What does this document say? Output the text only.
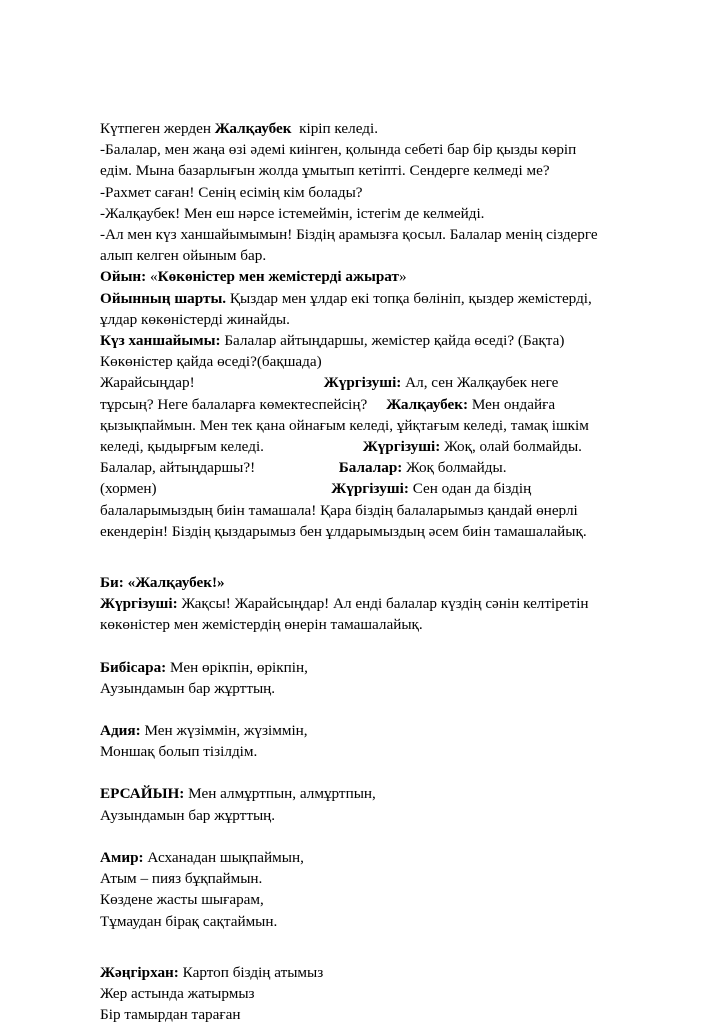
Күтпеген жерден Жалқаубек  кіріп келеді.
-Балалар, мен жаңа өзі әдемі киінген, қолында себеті бар бір қызды көріп
едім. Мына базарлығын жолда ұмытып кетіпті. Сендерге келмеді ме?
-Рахмет саған! Сенің есімің кім болады?
-Жалқаубек! Мен еш нәрсе істемеймін, істегім де келмейді.
-Ал мен күз ханшайымымын! Біздің арамызға қосыл. Балалар менің сіздерге
алып келген ойыным бар.
Ойын: «Көкөністер мен жемістерді ажырат»
Ойынның шарты. Қыздар мен ұлдар екі топқа бөлініп, қыздер жемістерді,
ұлдар көкөністерді жинайды.
Күз ханшайымы: Балалар айтыңдаршы, жемістер қайда өседі? (Бақта)
Көкөністер қайда өседі?(бақшада)
Жарайсыңдар!                                  Жүргізуші: Ал, сен Жалқаубек неге
тұрсың? Неге балаларға көмектеспейсің?     Жалқаубек: Мен ондайға
қызықпаймын. Мен тек қана ойнағым келеді, ұйқтағым келеді, тамақ ішкім
келеді, қыдырғым келеді.                          Жүргізуші: Жоқ, олай болмайды.
Балалар, айтыңдаршы?!                      Балалар: Жоқ болмайды.
(хормен)                                              Жүргізуші: Сен одан да біздің
балаларымыздың биін тамашала! Қара біздің балаларымыз қандай өнерлі
екендерін! Біздің қыздарымыз бен ұлдарымыздың әсем биін тамашалайық.
Би: «Жалқаубек!»
Жүргізуші: Жақсы! Жарайсыңдар! Ал енді балалар күздің сәнін келтіретін
көкөністер мен жемістердің өнерін тамашалайық.
Бибісара: Мен өрікпін, өрікпін,
Аузындамын бар жұрттың.
Адия: Мен жүзіммін, жүзіммін,
Моншақ болып тізілдім.
ЕРСАЙЫН: Мен алмұртпын, алмұртпын,
Аузындамын бар жұрттың.
Амир: Асханадан шықпаймын,
Атым – пияз бұқпаймын.
Көздене жасты шығарам,
Тұмаудан бірақ сақтаймын.
Жәңгірхан: Картоп біздің атымыз
Жер астында жатырмыз
Бір тамырдан тараған
